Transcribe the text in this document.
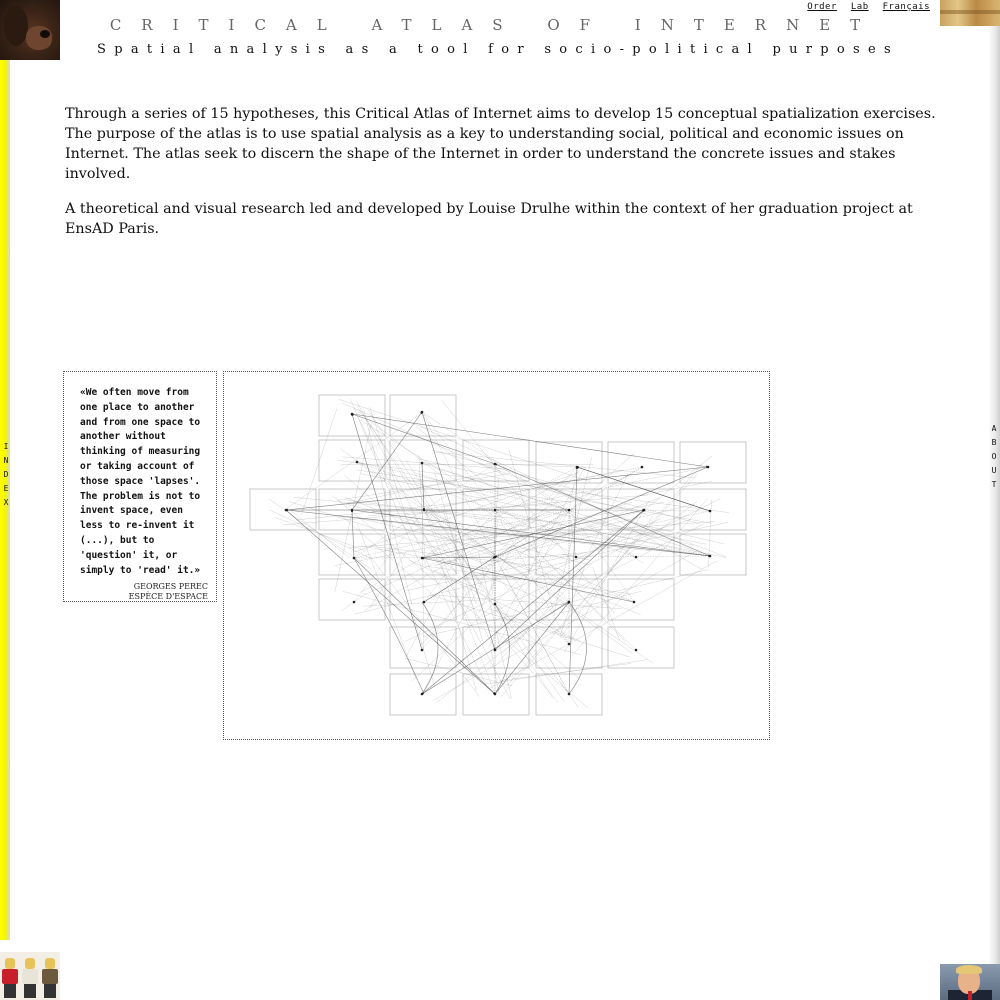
Order Lab Français
CRITICAL ATLAS OF INTERNET
Spatial analysis as a tool for socio-political purposes

Through a series of 15 hypotheses, this Critical Atlas of Internet aims to develop 15 conceptual spatialization exercises. The purpose of the atlas is to use spatial analysis as a key to understanding social, political and economic issues on Internet. The atlas seek to discern the shape of the Internet in order to understand the concrete issues and stakes involved.

A theoretical and visual research led and developed by Louise Drulhe within the context of her graduation project at EnsAD Paris.

I
N
D
E
X
A
B
O
U
T
«We often move from one place to another and from one space to another without thinking of measuring or taking account of those space 'lapses'. The problem is not to invent space, even less to re-invent it (...), but to 'question' it, or simply to 'read' it.»
GEORGES PEREC
ESPÈCE D'ESPACE
